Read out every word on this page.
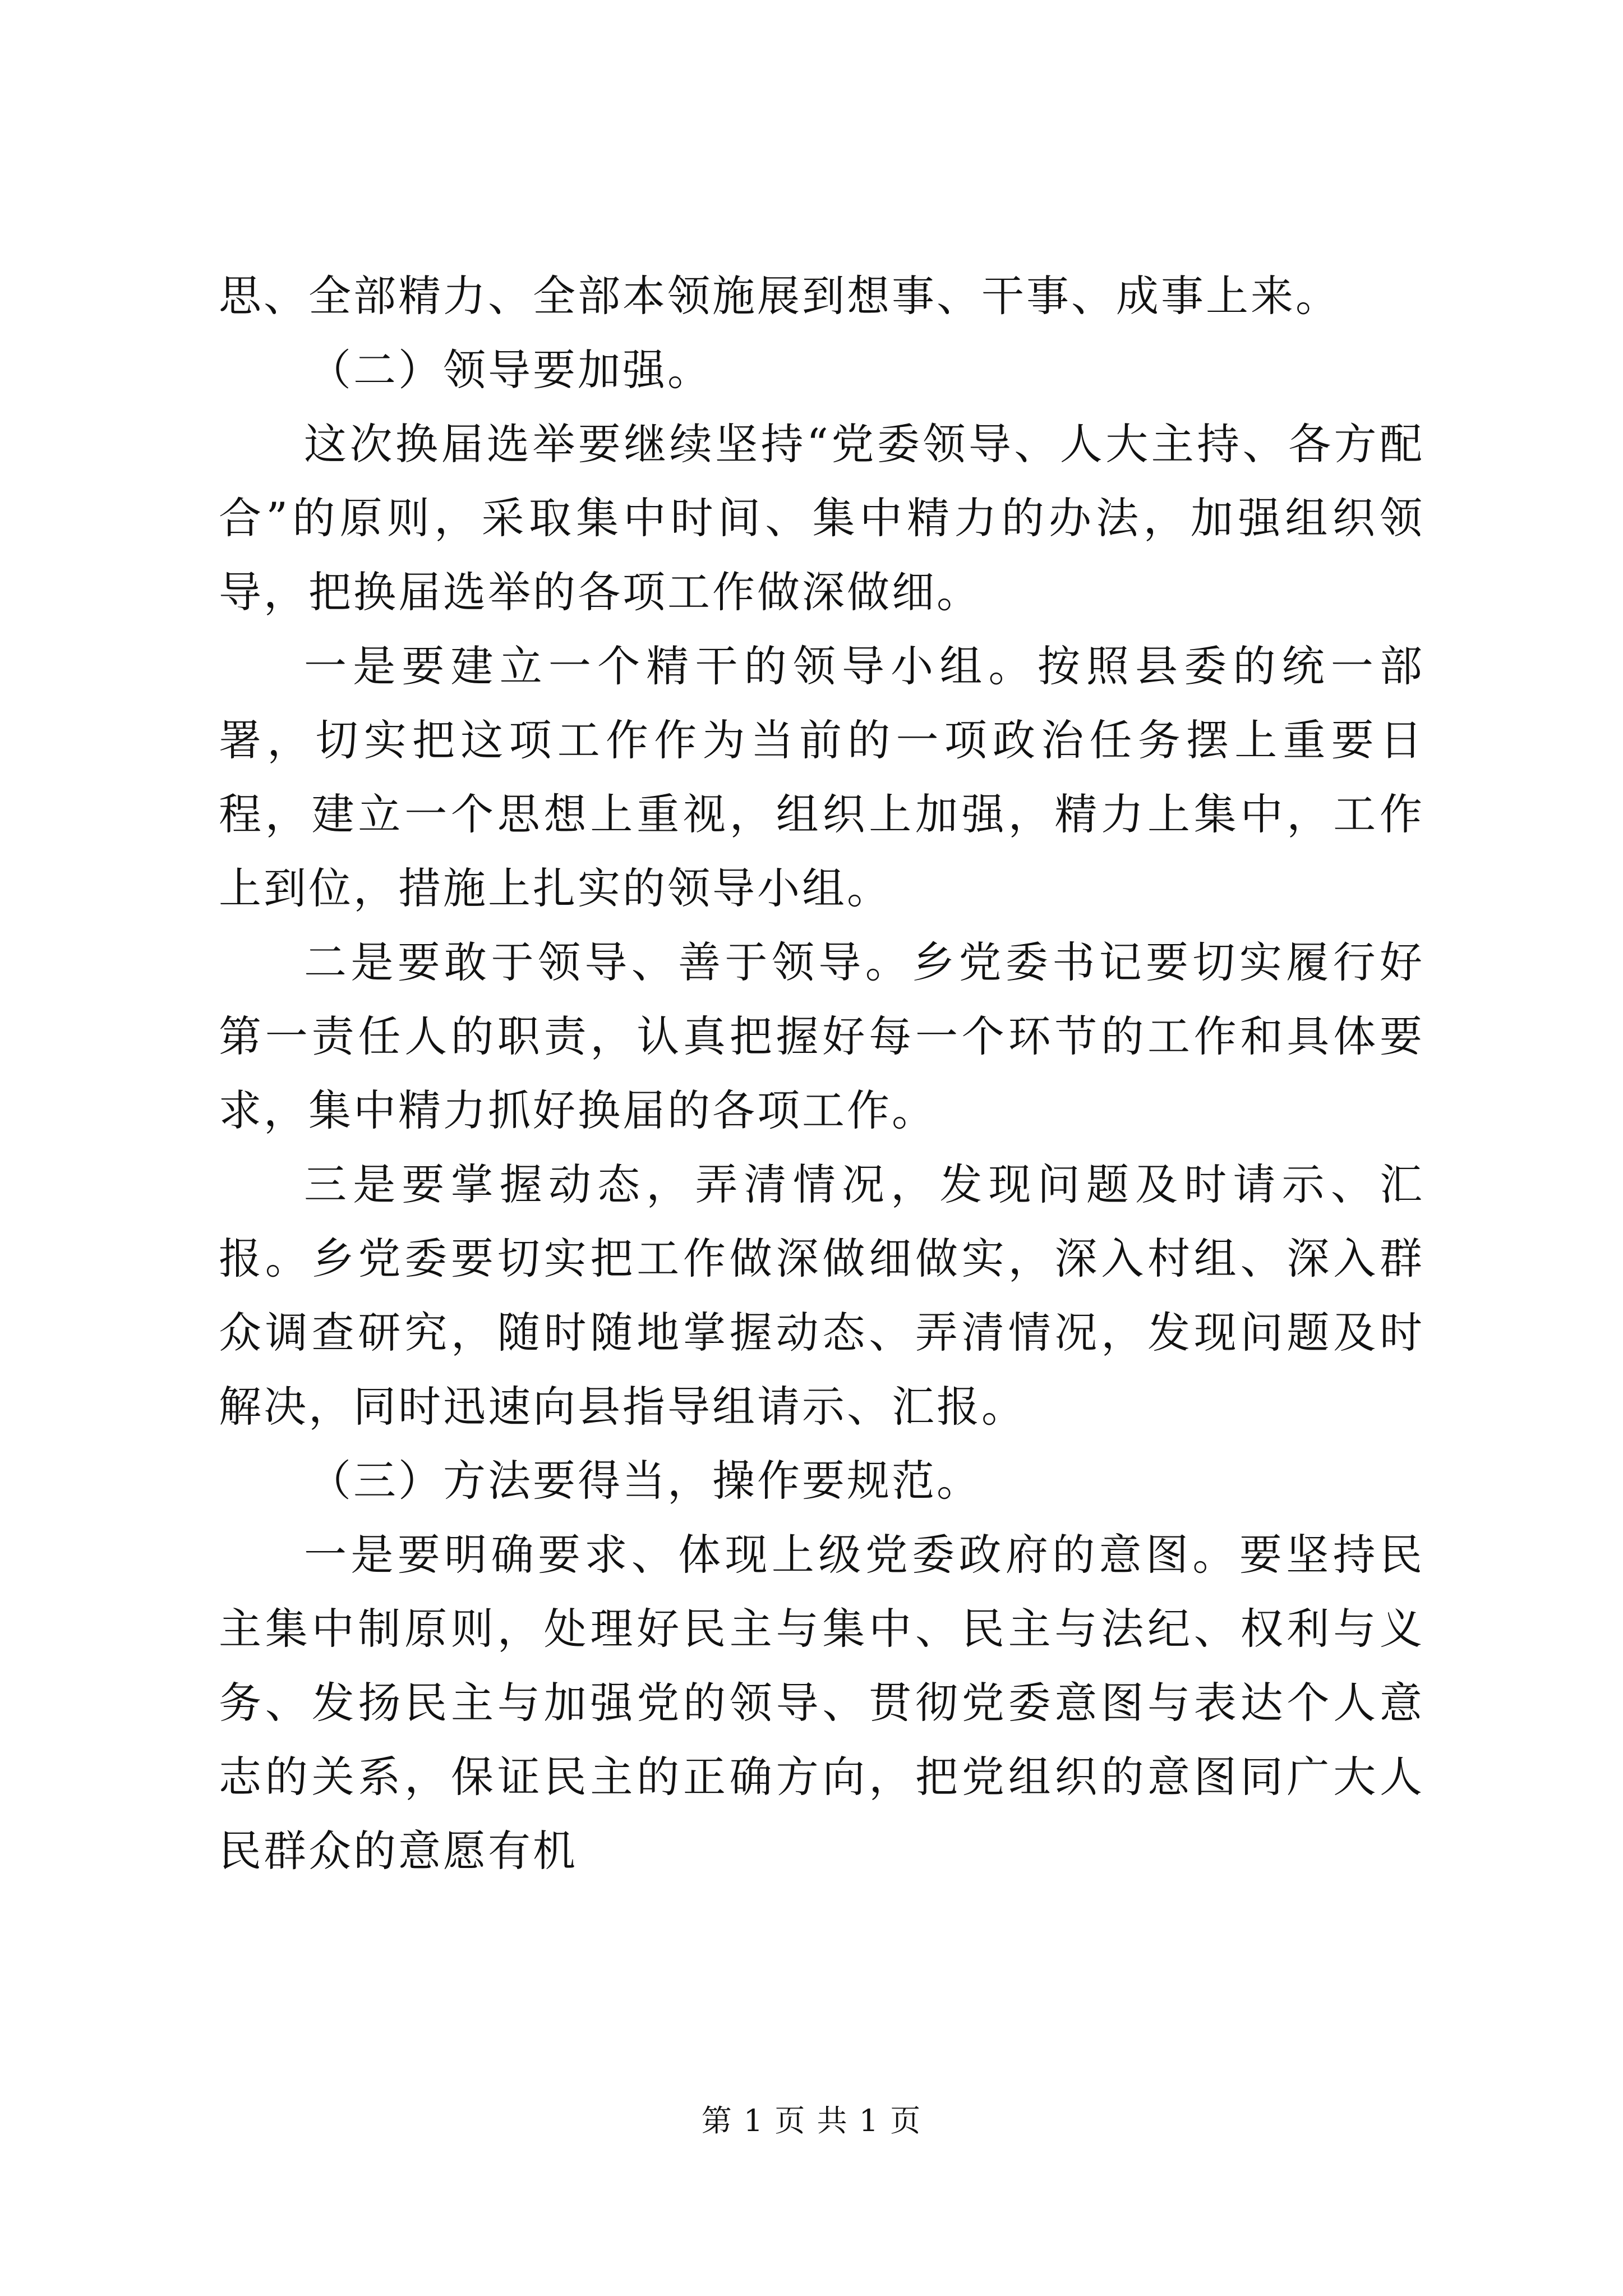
思、全部精力、全部本领施展到想事、干事、成事上来。

（二）领导要加强。

这次换届选举要继续坚持“党委领导、人大主持、各方配合”的原则，采取集中时间、集中精力的办法，加强组织领导，把换届选举的各项工作做深做细。

一是要建立一个精干的领导小组。按照县委的统一部署，切实把这项工作作为当前的一项政治任务摆上重要日程，建立一个思想上重视，组织上加强，精力上集中，工作上到位，措施上扎实的领导小组。

二是要敢于领导、善于领导。乡党委书记要切实履行好第一责任人的职责，认真把握好每一个环节的工作和具体要求，集中精力抓好换届的各项工作。

三是要掌握动态，弄清情况，发现问题及时请示、汇报。乡党委要切实把工作做深做细做实，深入村组、深入群众调查研究，随时随地掌握动态、弄清情况，发现问题及时解决，同时迅速向县指导组请示、汇报。

（三）方法要得当，操作要规范。

一是要明确要求、体现上级党委政府的意图。要坚持民主集中制原则，处理好民主与集中、民主与法纪、权利与义务、发扬民主与加强党的领导、贯彻党委意图与表达个人意志的关系，保证民主的正确方向，把党组织的意图同广大人民群众的意愿有机

第 1 页 共 1 页
